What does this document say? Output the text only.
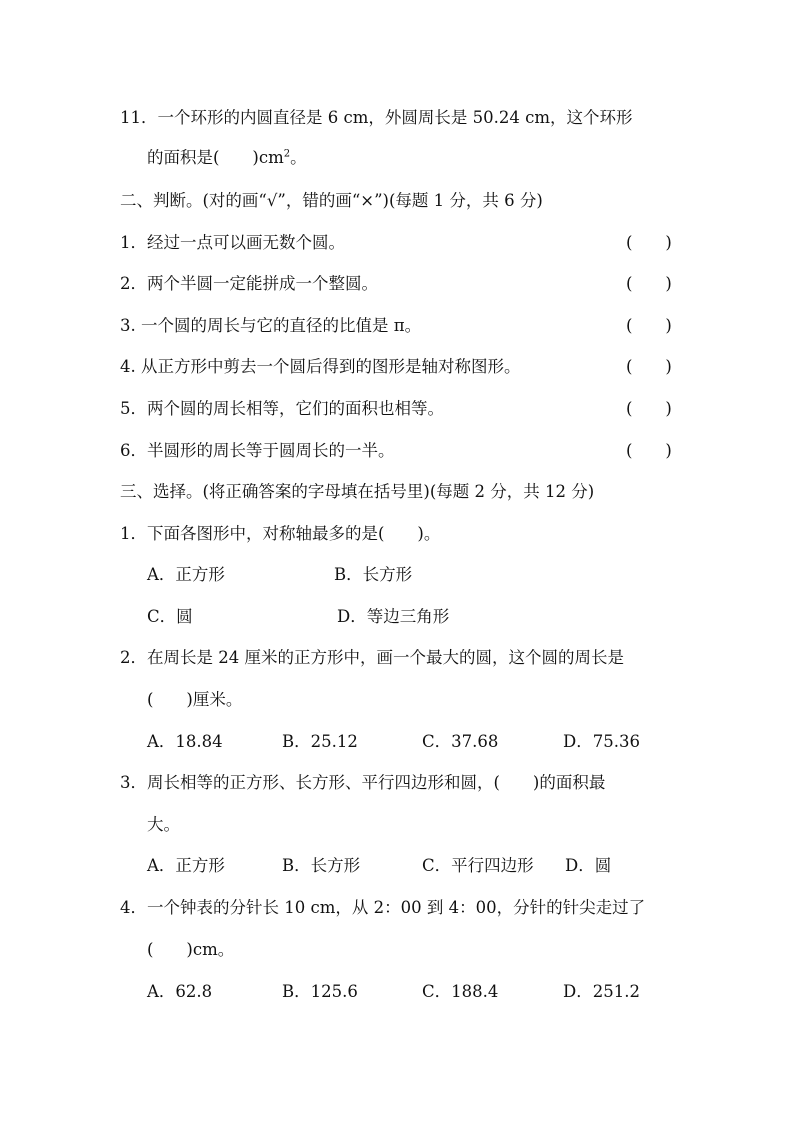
11．一个环形的内圆直径是 6 cm，外圆周长是 50.24 cm，这个环形
的面积是(　　)$cm^2$。
二、判断。(对的画“√”，错的画“×”)(每题 1 分，共 6 分)
1．经过一点可以画无数个圆。	(　　)
2．两个半圆一定能拼成一个整圆。	(　　)
3. 一个圆的周长与它的直径的比值是 π。	(　　)
4. 从正方形中剪去一个圆后得到的图形是轴对称图形。	(　　)
5．两个圆的周长相等，它们的面积也相等。	(　　)
6．半圆形的周长等于圆周长的一半。	(　　)
三、选择。(将正确答案的字母填在括号里)(每题 2 分，共 12 分)
1．下面各图形中，对称轴最多的是(　　)。
A．正方形	B．长方形
C．圆	D．等边三角形
2．在周长是 24 厘米的正方形中，画一个最大的圆，这个圆的周长是
(　　)厘米。
A．18.84	B．25.12	C．37.68	D．75.36
3．周长相等的正方形、长方形、平行四边形和圆，(　　)的面积最
大。
A．正方形	B．长方形	C．平行四边形 D．圆
4．一个钟表的分针长 10 cm，从 2：00 到 4：00，分针的针尖走过了
(　　)cm。
A．62.8	B．125.6	C．188.4	D．251.2
